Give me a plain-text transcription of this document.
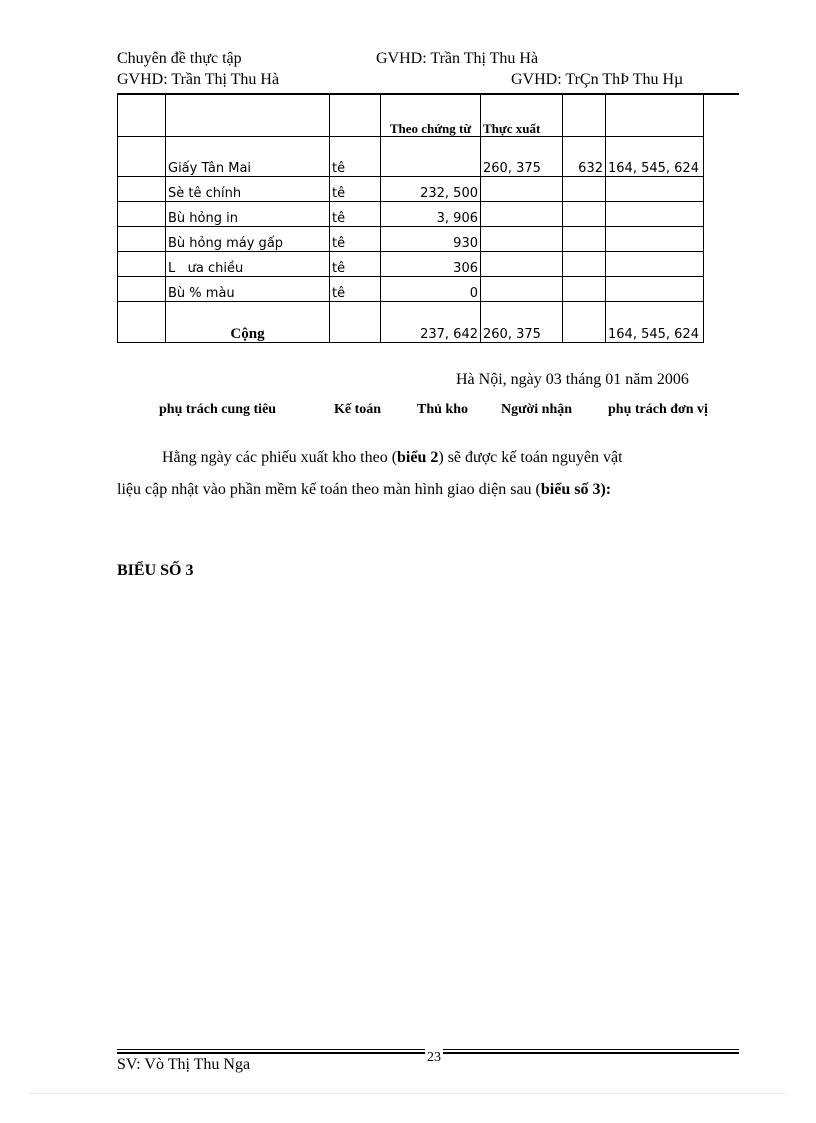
Chuyên đề thực tập	GVHD: Trần Thị Thu Hà
GVHD: Trần Thị Thu Hà	GVHD: TrÇn ThÞ Thu Hµ
			Theo chứng từ	Thực xuất		
	Giấy Tân Mai	tê		260, 375	632	164, 545, 624
	Sè tê chính	tê	232, 500			
	Bù hỏng in	tê	3, 906			
	Bù hỏng máy gấp	tê	930			
	L   ưa chiều	tê	306			
	Bù % màu	tê	0			
	Cộng		237, 642	260, 375		164, 545, 624
Hà Nội, ngày 03 tháng 01 năm 2006
phụ trách cung tiêu	Kế toán	Thủ kho Người nhận	phụ trách đơn vị
Hằng ngày các phiếu xuất kho theo (biểu 2) sẽ được kế toán nguyên vật
liệu cập nhật vào phần mềm kế toán theo màn hình giao diện sau (biểu số 3):
BIỂU SỐ 3
23
SV: Vò Thị Thu Nga
